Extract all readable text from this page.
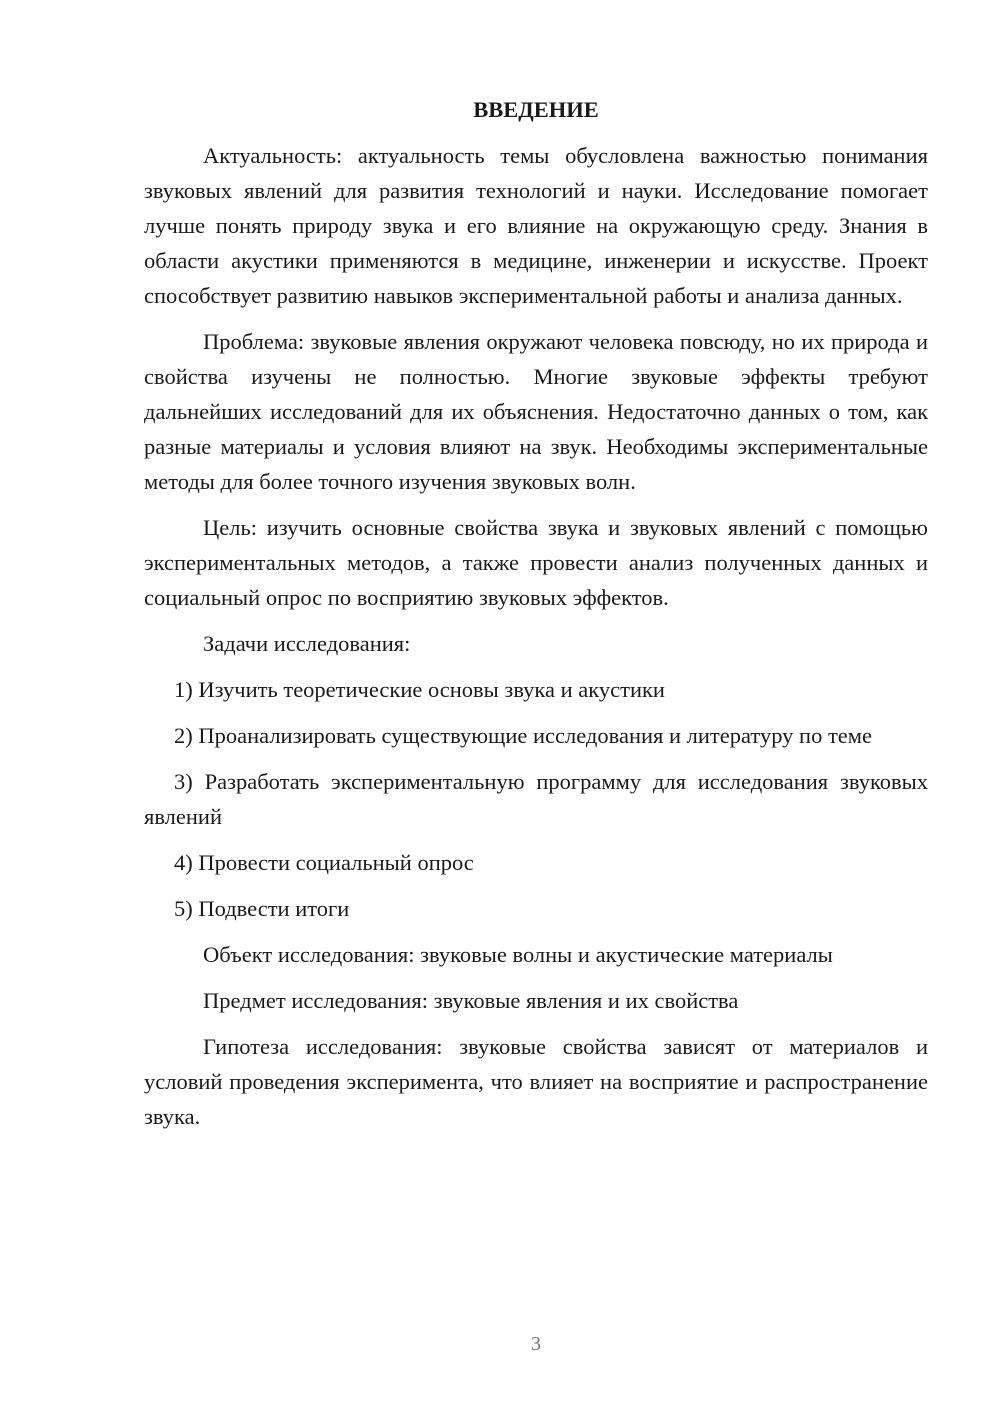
ВВЕДЕНИЕ

Актуальность: актуальность темы обусловлена важностью понимания звуковых явлений для развития технологий и науки. Исследование помогает лучше понять природу звука и его влияние на окружающую среду. Знания в области акустики применяются в медицине, инженерии и искусстве. Проект способствует развитию навыков экспериментальной работы и анализа данных.

Проблема: звуковые явления окружают человека повсюду, но их природа и свойства изучены не полностью. Многие звуковые эффекты требуют дальнейших исследований для их объяснения. Недостаточно данных о том, как разные материалы и условия влияют на звук. Необходимы экспериментальные методы для более точного изучения звуковых волн.

Цель: изучить основные свойства звука и звуковых явлений с помощью экспериментальных методов, а также провести анализ полученных данных и социальный опрос по восприятию звуковых эффектов.

Задачи исследования:

1) Изучить теоретические основы звука и акустики

2) Проанализировать существующие исследования и литературу по теме

3) Разработать экспериментальную программу для исследования звуковых явлений

4) Провести социальный опрос

5) Подвести итоги

Объект исследования: звуковые волны и акустические материалы

Предмет исследования: звуковые явления и их свойства

Гипотеза исследования: звуковые свойства зависят от материалов и условий проведения эксперимента, что влияет на восприятие и распространение звука.

3
